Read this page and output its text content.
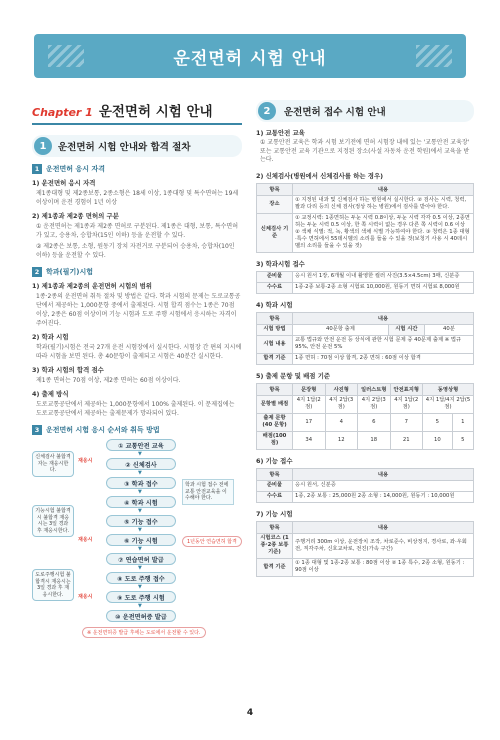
운전면허 시험 안내
Chapter 1 운전면허 시험 안내
1	운전면허 시험 안내와 합격 절차
1 운전면허 응시 자격
1) 운전면허 응시 자격
제1종대형 및 제2종보통, 2종소형은 18세 이상, 1종대형 및 특수면허는 19세 이상이며 운전 경험이 1년 이상
2) 제1종과 제2종 면허의 구분
① 운전면허는 제1종과 제2종 면허로 구분된다. 제1종은 대형, 보통, 특수면허가 있고, 승용차, 승합차(15인 이하) 등을 운전할 수 있다.
② 제2종은 보통, 소형, 원동기 장치 자전거로 구분되어 승용차, 승합차(10인 이하) 등을 운전할 수 있다.
2 학과(필기)시험
1) 제1종과 제2종의 운전면허 시험의 범위
1종·2종의 운전면허 취득 절차 및 방법은 같다. 학과 시험의 문제는 도로교통공단에서 제공하는 1,000문항 중에서 출제된다. 시험 합격 점수는 1종은 70점 이상, 2종은 60점 이상이며 기능 시험과 도로 주행 시험에서 응시하는 자격이 주어진다.
2) 학과 시험
학과(필기)시험은 전국 27개 운전 시험장에서 실시한다. 시험장 간 편의 지시에 따라 시험을 보면 된다. 총 40문항이 출제되고 시험은 40분간 실시한다.
3) 학과 시험의 합격 점수
제1종 면허는 70점 이상, 제2종 면허는 60점 이상이다.
4) 출제 방식
도로교통공단에서 제공하는 1,000문항에서 100% 출제된다. 이 문제집에는 도로교통공단에서 제공하는 출제문제가 망라되어 있다.
3 운전면허 시험 응시 순서와 취득 방법
① 교통안전 교육
▼
② 신체검사
▼
③ 학과 접수
▼
④ 학과 시험
▼
⑤ 기능 접수
▼
⑥ 기능 시험
▼
⑦ 연습면허 발급
▼
⑧ 도로 주행 접수
▼
⑨ 도로 주행 시험
▼
⑩ 운전면허증 발급
신체검사 불합격자는 재응시한다.
재응시
기능시험 불합격시 불합격 재응시는 3일 경과 후 재응시한다.
재응시
도로주행시험 불합격시 재응시는 3일 경과 후 재응시한다.	재응시
학과 시험 접수 전에 교통 안전교육을 이수해야 한다.
1년동안 연습면허 합격
※ 운전면허증 발급 후에는 도로에서 운전할 수 있다.
2	운전면허 접수 시험 안내
1) 교통안전 교육
① 교통안전 교육은 학과 시험 보기전에 면허 시험장 내에 있는 '교통안전 교육장' 또는 교통안전 교육 기관으로 지정된 장소(사설 자동차 운전 학원)에서 교육을 받는다.
2) 신체검사(병원에서 신체검사를 하는 경우)
항목	내용
장소	① 지정된 내과 및 신체검사 하는 병원에서 실시한다. ② 검사는 시력, 청력, 팔과 다리 등의 신체 검사(정상 하는 병원)에서 검사를 받아야 한다.
신체검사 기준	① 교정시력: 1종면허는 두눈 시력 0.8이상, 두눈 시력 각각 0.5 이상, 2종면허는 두눈 시력 0.5 이상, 한 쪽 시력이 없는 경우 다른 쪽 시력이 0.6 이상 ② 색채 식별: 적, 녹, 황색의 색채 식별 가능하여야 한다. ③ 청력은 1종 대형·특수 면허에서 55데시벨의 소리를 들을 수 있을 것(보청기 사용 시 40데시벨의 소리를 들을 수 있을 것)
3) 학과시험 접수
준비물	응시 원서 1장, 6개월 이내 촬영한 컬러 사진(3.5×4.5cm) 3매, 신분증
수수료	1종·2종 보통·2종 소형 시험료 10,000원, 원동기 면허 시험료 8,000원
4) 학과 시험
항목	내용		
시험 방법	40문항 출제	시험 시간	40분
시험 내용	교통 법규와 안전 운전 등 상식에 관한 시험 문제 중 40문제 출제 ※ 법규 95%, 안전 운전 5%		
합격 기준	1종 면허 : 70점 이상 합격, 2종 면허 : 60점 이상 합격		
5) 출제 문항 및 배점 기준
항목	문장형	사진형	일러스트형	안전표지형	동영상형	
문항별 배점	4지 1답(2점)	4지 2답(3점)	4지 2답(3점)	4지 1답(2점)	4지 1답/4지 2답(5점)	
출제 문항(40 문항)	17	4	6	7	5	1
배점(100 점)	34	12	18	21	10	5
6) 기능 접수
항목	내용
준비물	응시 원서, 신분증
수수료	1종, 2종 보통 : 25,000원 2종 소형 : 14,000원, 원동기 : 10,000원
7) 기능 시험
항목	내용
시험코스 (1종·2종 보통 기준)	주행거리 300m 이상, 운전장치 조작, 차로준수, 비상정지, 경사로, 좌·우회전, 직각주차, 신호교차로, 전진(가속 구간)
합격 기준	① 1종 대형 및 1종·2종 보통 : 80점 이상 ② 1종 특수, 2종 소형, 원동기 : 90점 이상
4
